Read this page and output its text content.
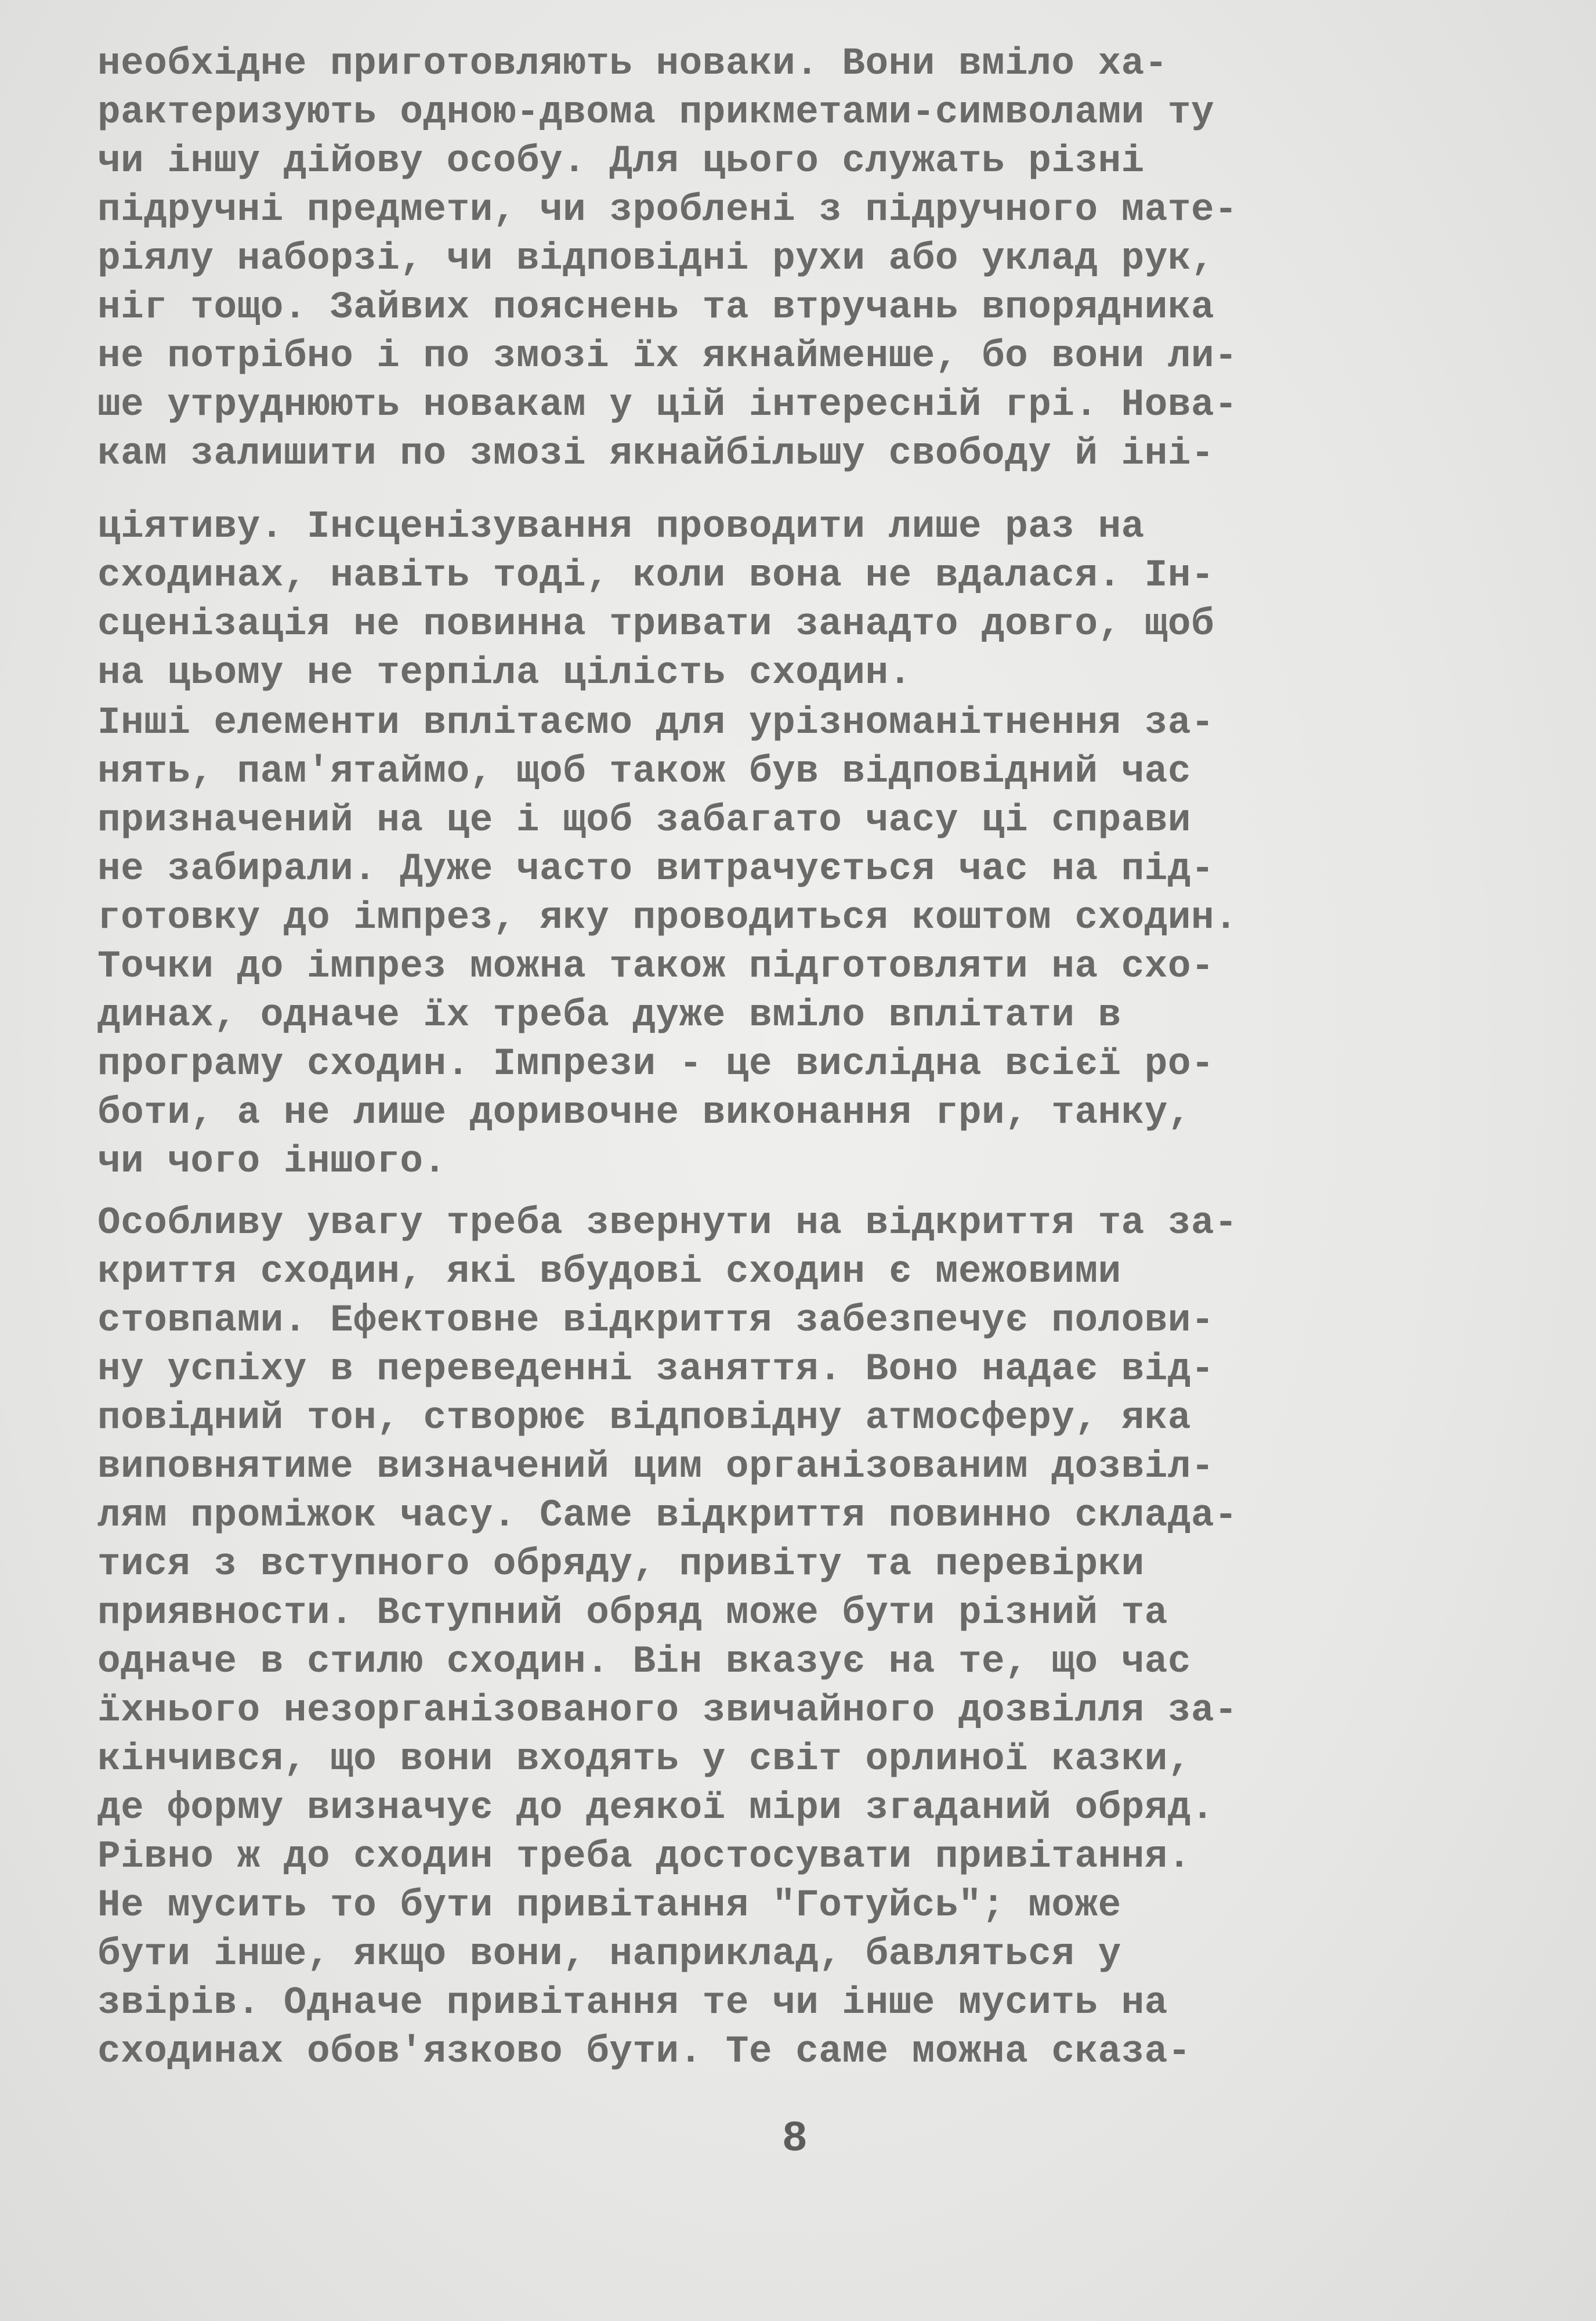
необхідне приготовляють новаки. Вони вміло ха-
рактеризують одною-двома прикметами-символами ту
чи іншу дійову особу. Для цього служать різні
підручні предмети, чи зроблені з підручного мате-
ріялу наборзі, чи відповідні рухи або уклад рук,
ніг тощо. Зайвих пояснень та втручань впорядника
не потрібно і по змозі їх якнайменше, бо вони ли-
ше утруднюють новакам у цій інтересній грі. Нова-
кам залишити по змозі якнайбільшу свободу й іні-
ціятиву. Інсценізування проводити лише раз на
сходинах, навіть тоді, коли вона не вдалася. Ін-
сценізація не повинна тривати занадто довго, щоб
на цьому не терпіла цілість сходин.
Інші елементи вплітаємо для урізноманітнення за-
нять, пам'ятаймо, щоб також був відповідний час
призначений на це і щоб забагато часу ці справи
не забирали. Дуже часто витрачується час на під-
готовку до імпрез, яку проводиться коштом сходин.
Точки до імпрез можна також підготовляти на схо-
динах, одначе їх треба дуже вміло вплітати в
програму сходин. Імпрези - це вислідна всієї ро-
боти, а не лише доривочне виконання гри, танку,
чи чого іншого.
Особливу увагу треба звернути на відкриття та за-
криття сходин, які вбудові сходин є межовими
стовпами. Ефектовне відкриття забезпечує полови-
ну успіху в переведенні заняття. Воно надає від-
повідний тон, створює відповідну атмосферу, яка
виповнятиме визначений цим організованим дозвіл-
лям проміжок часу. Саме відкриття повинно склада-
тися з вступного обряду, привіту та перевірки
приявности. Вступний обряд може бути різний та
одначе в стилю сходин. Він вказує на те, що час
їхнього незорганізованого звичайного дозвілля за-
кінчився, що вони входять у світ орлиної казки,
де форму визначує до деякої міри згаданий обряд.
Рівно ж до сходин треба достосувати привітання.
Не мусить то бути привітання "Готуйсь"; може
бути інше, якщо вони, наприклад, бавляться у
звірів. Одначе привітання те чи інше мусить на
сходинах обов'язково бути. Те саме можна сказа-
8
